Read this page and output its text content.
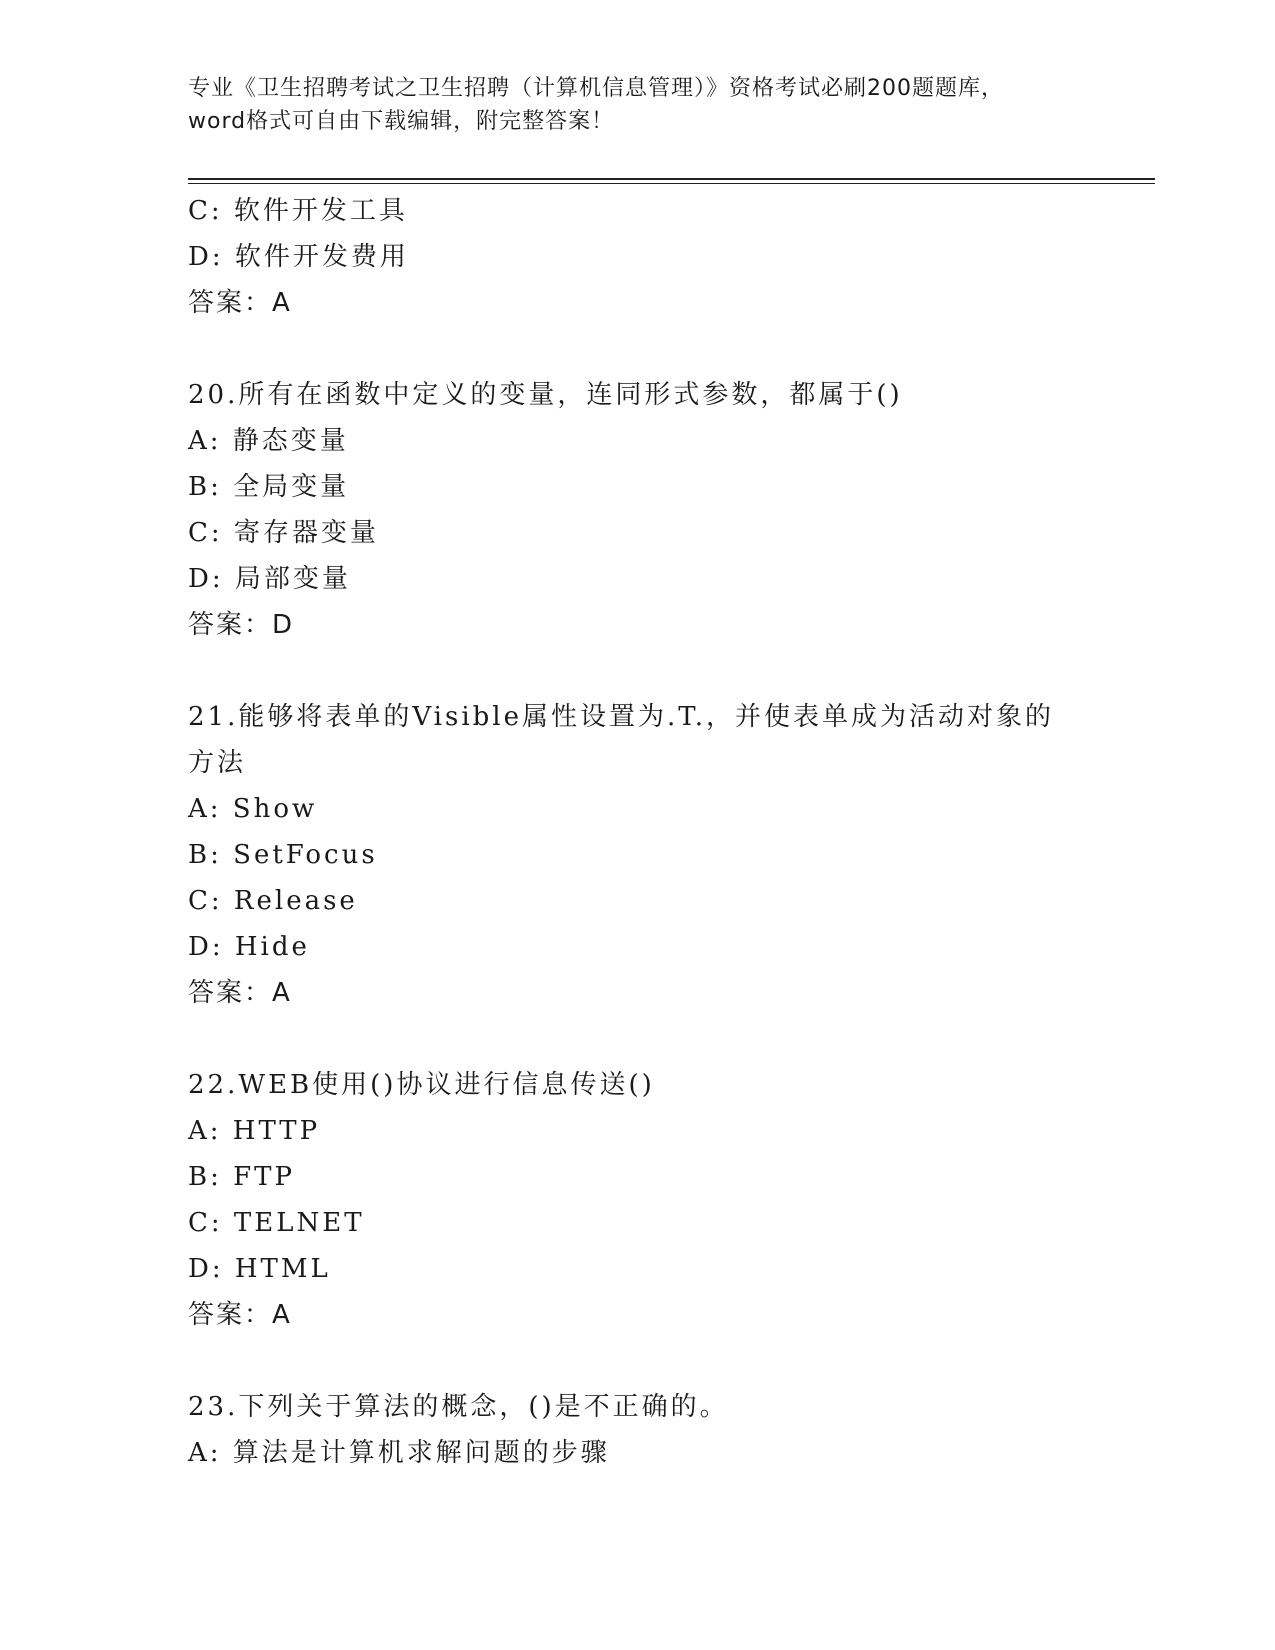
专业《卫生招聘考试之卫生招聘（计算机信息管理）》资格考试必刷200题题库，
word格式可自由下载编辑，附完整答案！
C: 软件开发工具
D: 软件开发费用
答案：A
20.所有在函数中定义的变量，连同形式参数，都属于()
A: 静态变量
B: 全局变量
C: 寄存器变量
D: 局部变量
答案：D
21.能够将表单的Visible属性设置为.T.，并使表单成为活动对象的
方法
A: Show
B: SetFocus
C: Release
D: Hide
答案：A
22.WEB使用()协议进行信息传送()
A: HTTP
B: FTP
C: TELNET
D: HTML
答案：A
23.下列关于算法的概念，()是不正确的。
A: 算法是计算机求解问题的步骤
